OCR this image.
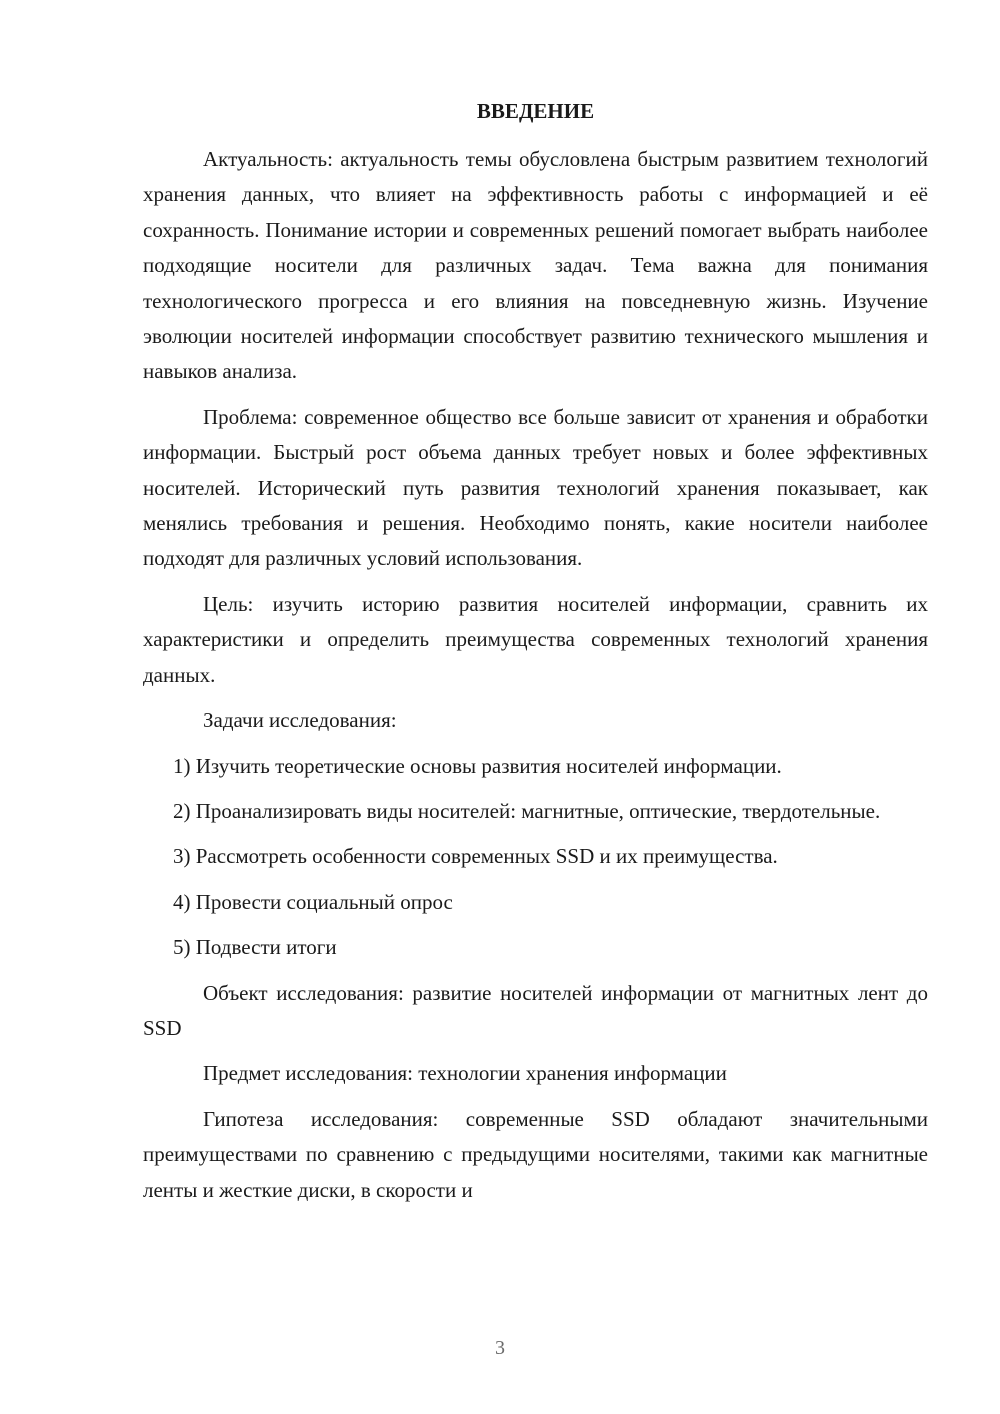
ВВЕДЕНИЕ

Актуальность: актуальность темы обусловлена быстрым развитием технологий хранения данных, что влияет на эффективность работы с информацией и её сохранность. Понимание истории и современных решений помогает выбрать наиболее подходящие носители для различных задач. Тема важна для понимания технологического прогресса и его влияния на повседневную жизнь. Изучение эволюции носителей информации способствует развитию технического мышления и навыков анализа.

Проблема: современное общество все больше зависит от хранения и обработки информации. Быстрый рост объема данных требует новых и более эффективных носителей. Исторический путь развития технологий хранения показывает, как менялись требования и решения. Необходимо понять, какие носители наиболее подходят для различных условий использования.

Цель: изучить историю развития носителей информации, сравнить их характеристики и определить преимущества современных технологий хранения данных.

Задачи исследования:

1) Изучить теоретические основы развития носителей информации.

2) Проанализировать виды носителей: магнитные, оптические, твердотельные.

3) Рассмотреть особенности современных SSD и их преимущества.

4) Провести социальный опрос

5) Подвести итоги

Объект исследования: развитие носителей информации от магнитных лент до SSD

Предмет исследования: технологии хранения информации

Гипотеза исследования: современные SSD обладают значительными преимуществами по сравнению с предыдущими носителями, такими как магнитные ленты и жесткие диски, в скорости и

3
